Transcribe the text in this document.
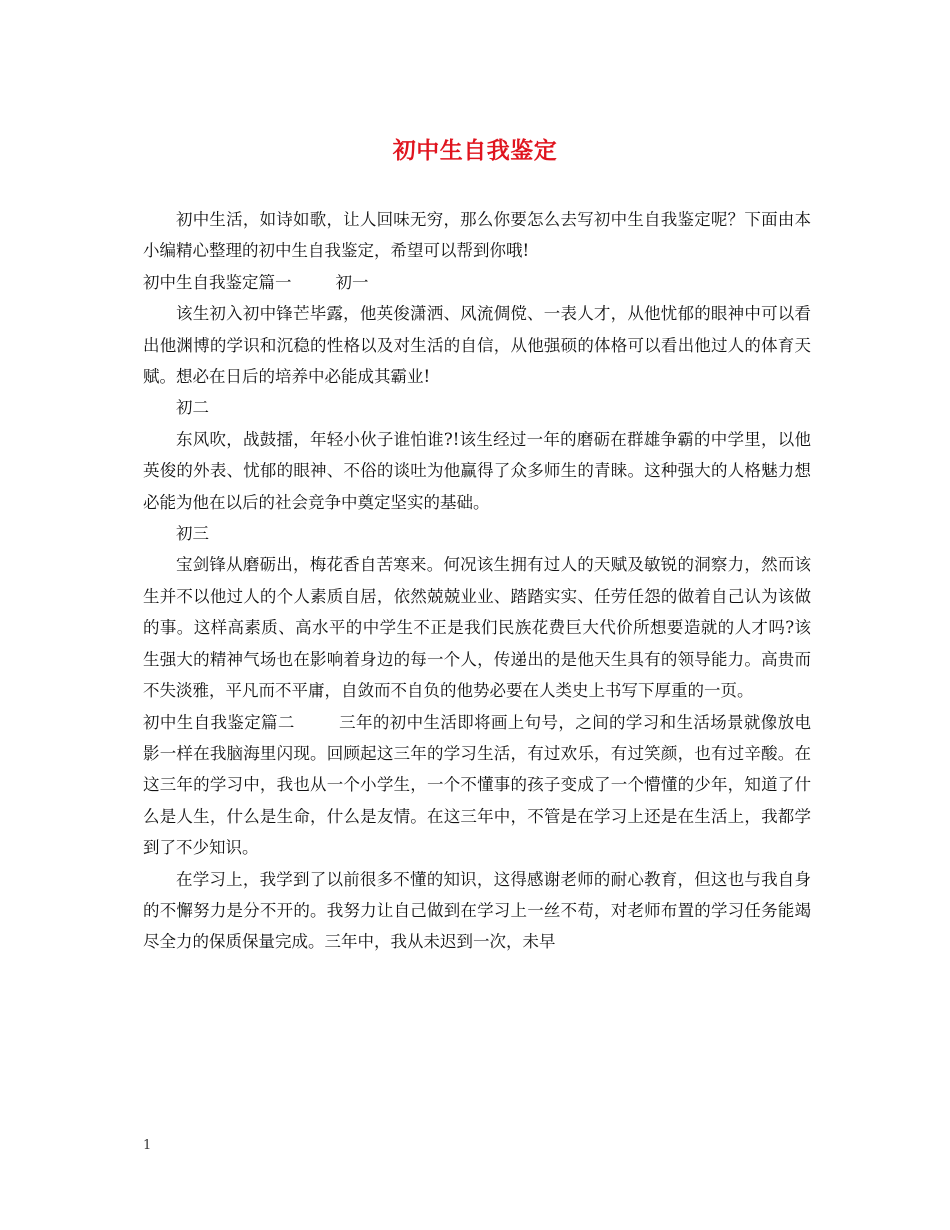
初中生自我鉴定

初中生活，如诗如歌，让人回味无穷，那么你要怎么去写初中生自我鉴定呢？下面由本小编精心整理的初中生自我鉴定，希望可以帮到你哦!

初中生自我鉴定篇一	初一

该生初入初中锋芒毕露，他英俊潇洒、风流倜傥、一表人才，从他忧郁的眼神中可以看出他渊博的学识和沉稳的性格以及对生活的自信，从他强硕的体格可以看出他过人的体育天赋。想必在日后的培养中必能成其霸业!

初二

东风吹，战鼓擂，年轻小伙子谁怕谁?!该生经过一年的磨砺在群雄争霸的中学里，以他英俊的外表、忧郁的眼神、不俗的谈吐为他赢得了众多师生的青睐。这种强大的人格魅力想必能为他在以后的社会竞争中奠定坚实的基础。

初三

宝剑锋从磨砺出，梅花香自苦寒来。何况该生拥有过人的天赋及敏锐的洞察力，然而该生并不以他过人的个人素质自居，依然兢兢业业、踏踏实实、任劳任怨的做着自己认为该做的事。这样高素质、高水平的中学生不正是我们民族花费巨大代价所想要造就的人才吗?该生强大的精神气场也在影响着身边的每一个人，传递出的是他天生具有的领导能力。高贵而不失淡雅，平凡而不平庸，自敛而不自负的他势必要在人类史上书写下厚重的一页。

初中生自我鉴定篇二	三年的初中生活即将画上句号，之间的学习和生活场景就像放电影一样在我脑海里闪现。回顾起这三年的学习生活，有过欢乐，有过笑颜，也有过辛酸。在这三年的学习中，我也从一个小学生，一个不懂事的孩子变成了一个懵懂的少年，知道了什么是人生，什么是生命，什么是友情。在这三年中，不管是在学习上还是在生活上，我都学到了不少知识。

在学习上，我学到了以前很多不懂的知识，这得感谢老师的耐心教育，但这也与我自身的不懈努力是分不开的。我努力让自己做到在学习上一丝不苟，对老师布置的学习任务能竭尽全力的保质保量完成。三年中，我从未迟到一次，未早

1
